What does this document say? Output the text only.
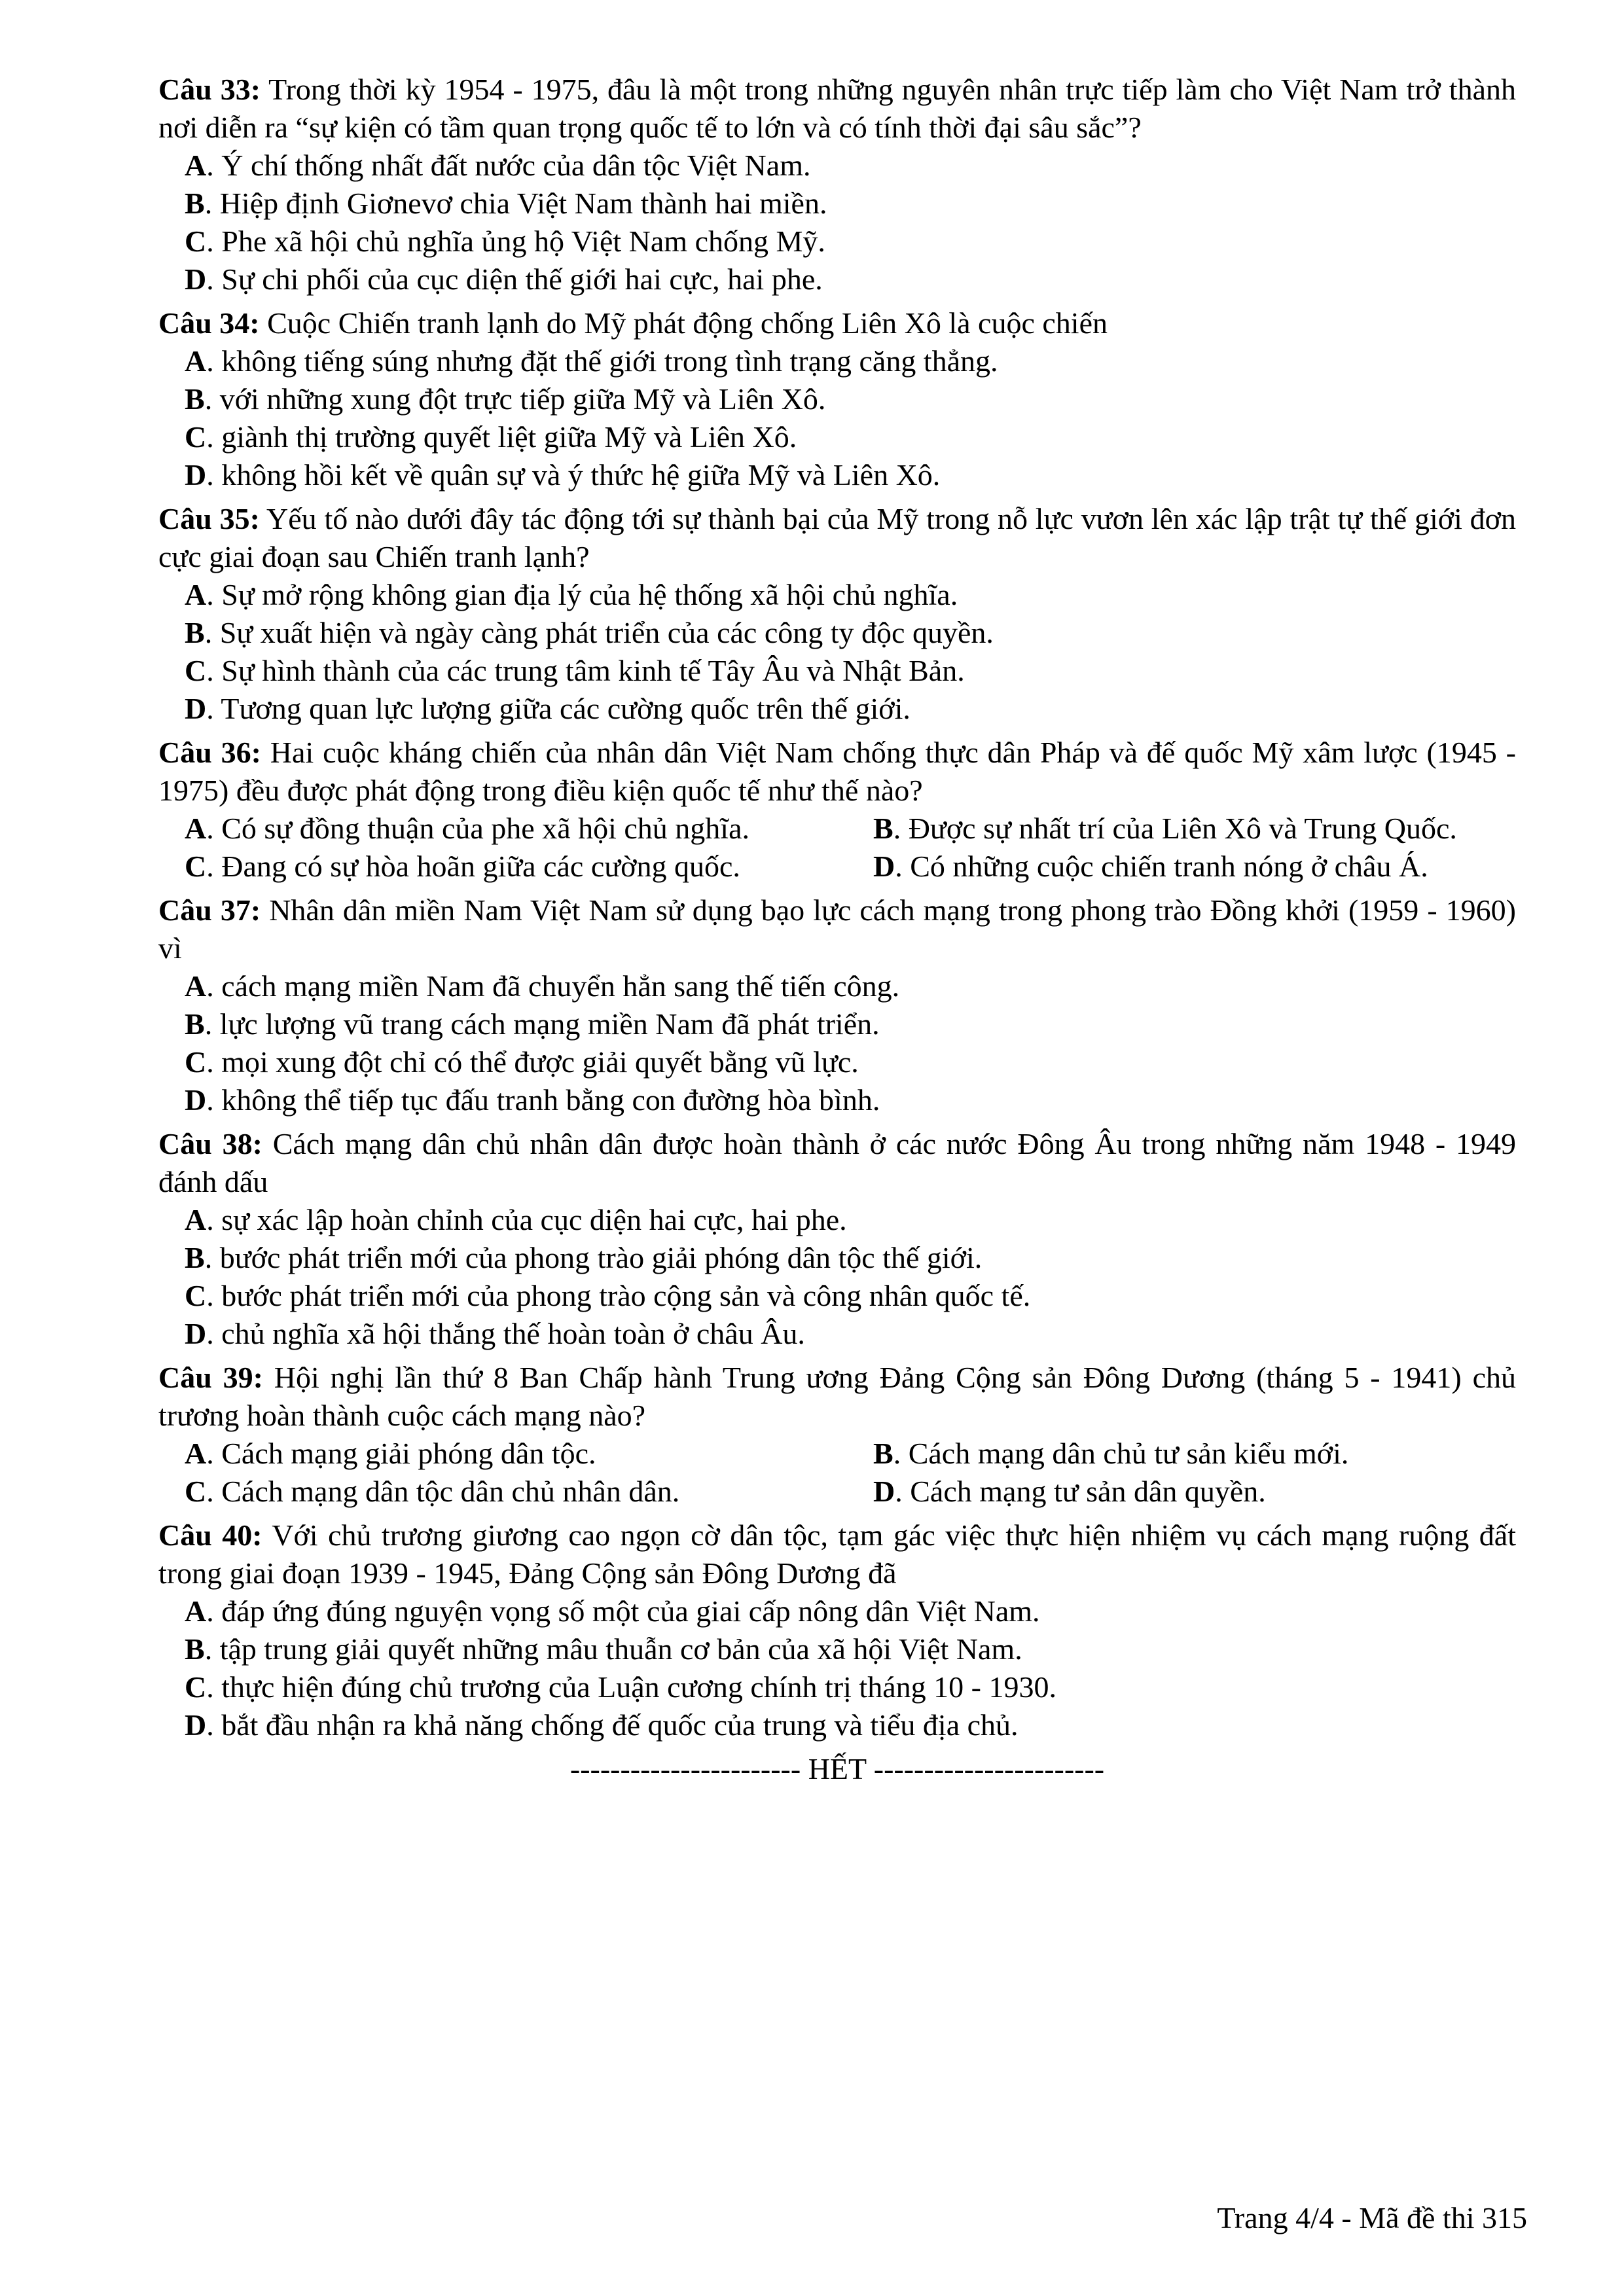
Câu 33: Trong thời kỳ 1954 - 1975, đâu là một trong những nguyên nhân trực tiếp làm cho Việt Nam trở thành nơi diễn ra “sự kiện có tầm quan trọng quốc tế to lớn và có tính thời đại sâu sắc”?

A. Ý chí thống nhất đất nước của dân tộc Việt Nam.
B. Hiệp định Giơnevơ chia Việt Nam thành hai miền.
C. Phe xã hội chủ nghĩa ủng hộ Việt Nam chống Mỹ.
D. Sự chi phối của cục diện thế giới hai cực, hai phe.

Câu 34: Cuộc Chiến tranh lạnh do Mỹ phát động chống Liên Xô là cuộc chiến

A. không tiếng súng nhưng đặt thế giới trong tình trạng căng thẳng.
B. với những xung đột trực tiếp giữa Mỹ và Liên Xô.
C. giành thị trường quyết liệt giữa Mỹ và Liên Xô.
D. không hồi kết về quân sự và ý thức hệ giữa Mỹ và Liên Xô.

Câu 35: Yếu tố nào dưới đây tác động tới sự thành bại của Mỹ trong nỗ lực vươn lên xác lập trật tự thế giới đơn cực giai đoạn sau Chiến tranh lạnh?

A. Sự mở rộng không gian địa lý của hệ thống xã hội chủ nghĩa.
B. Sự xuất hiện và ngày càng phát triển của các công ty độc quyền.
C. Sự hình thành của các trung tâm kinh tế Tây Âu và Nhật Bản.
D. Tương quan lực lượng giữa các cường quốc trên thế giới.

Câu 36: Hai cuộc kháng chiến của nhân dân Việt Nam chống thực dân Pháp và đế quốc Mỹ xâm lược (1945 - 1975) đều được phát động trong điều kiện quốc tế như thế nào?

A. Có sự đồng thuận của phe xã hội chủ nghĩa.	B. Được sự nhất trí của Liên Xô và Trung Quốc.
C. Đang có sự hòa hoãn giữa các cường quốc.	D. Có những cuộc chiến tranh nóng ở châu Á.

Câu 37: Nhân dân miền Nam Việt Nam sử dụng bạo lực cách mạng trong phong trào Đồng khởi (1959 - 1960) vì

A. cách mạng miền Nam đã chuyển hẳn sang thế tiến công.
B. lực lượng vũ trang cách mạng miền Nam đã phát triển.
C. mọi xung đột chỉ có thể được giải quyết bằng vũ lực.
D. không thể tiếp tục đấu tranh bằng con đường hòa bình.

Câu 38: Cách mạng dân chủ nhân dân được hoàn thành ở các nước Đông Âu trong những năm 1948 - 1949 đánh dấu

A. sự xác lập hoàn chỉnh của cục diện hai cực, hai phe.
B. bước phát triển mới của phong trào giải phóng dân tộc thế giới.
C. bước phát triển mới của phong trào cộng sản và công nhân quốc tế.
D. chủ nghĩa xã hội thắng thế hoàn toàn ở châu Âu.

Câu 39: Hội nghị lần thứ 8 Ban Chấp hành Trung ương Đảng Cộng sản Đông Dương (tháng 5 - 1941) chủ trương hoàn thành cuộc cách mạng nào?

A. Cách mạng giải phóng dân tộc.	B. Cách mạng dân chủ tư sản kiểu mới.
C. Cách mạng dân tộc dân chủ nhân dân.	D. Cách mạng tư sản dân quyền.

Câu 40: Với chủ trương giương cao ngọn cờ dân tộc, tạm gác việc thực hiện nhiệm vụ cách mạng ruộng đất trong giai đoạn 1939 - 1945, Đảng Cộng sản Đông Dương đã

A. đáp ứng đúng nguyện vọng số một của giai cấp nông dân Việt Nam.
B. tập trung giải quyết những mâu thuẫn cơ bản của xã hội Việt Nam.
C. thực hiện đúng chủ trương của Luận cương chính trị tháng 10 - 1930.
D. bắt đầu nhận ra khả năng chống đế quốc của trung và tiểu địa chủ.
----------------------- HẾT -----------------------
Trang 4/4 - Mã đề thi 315
